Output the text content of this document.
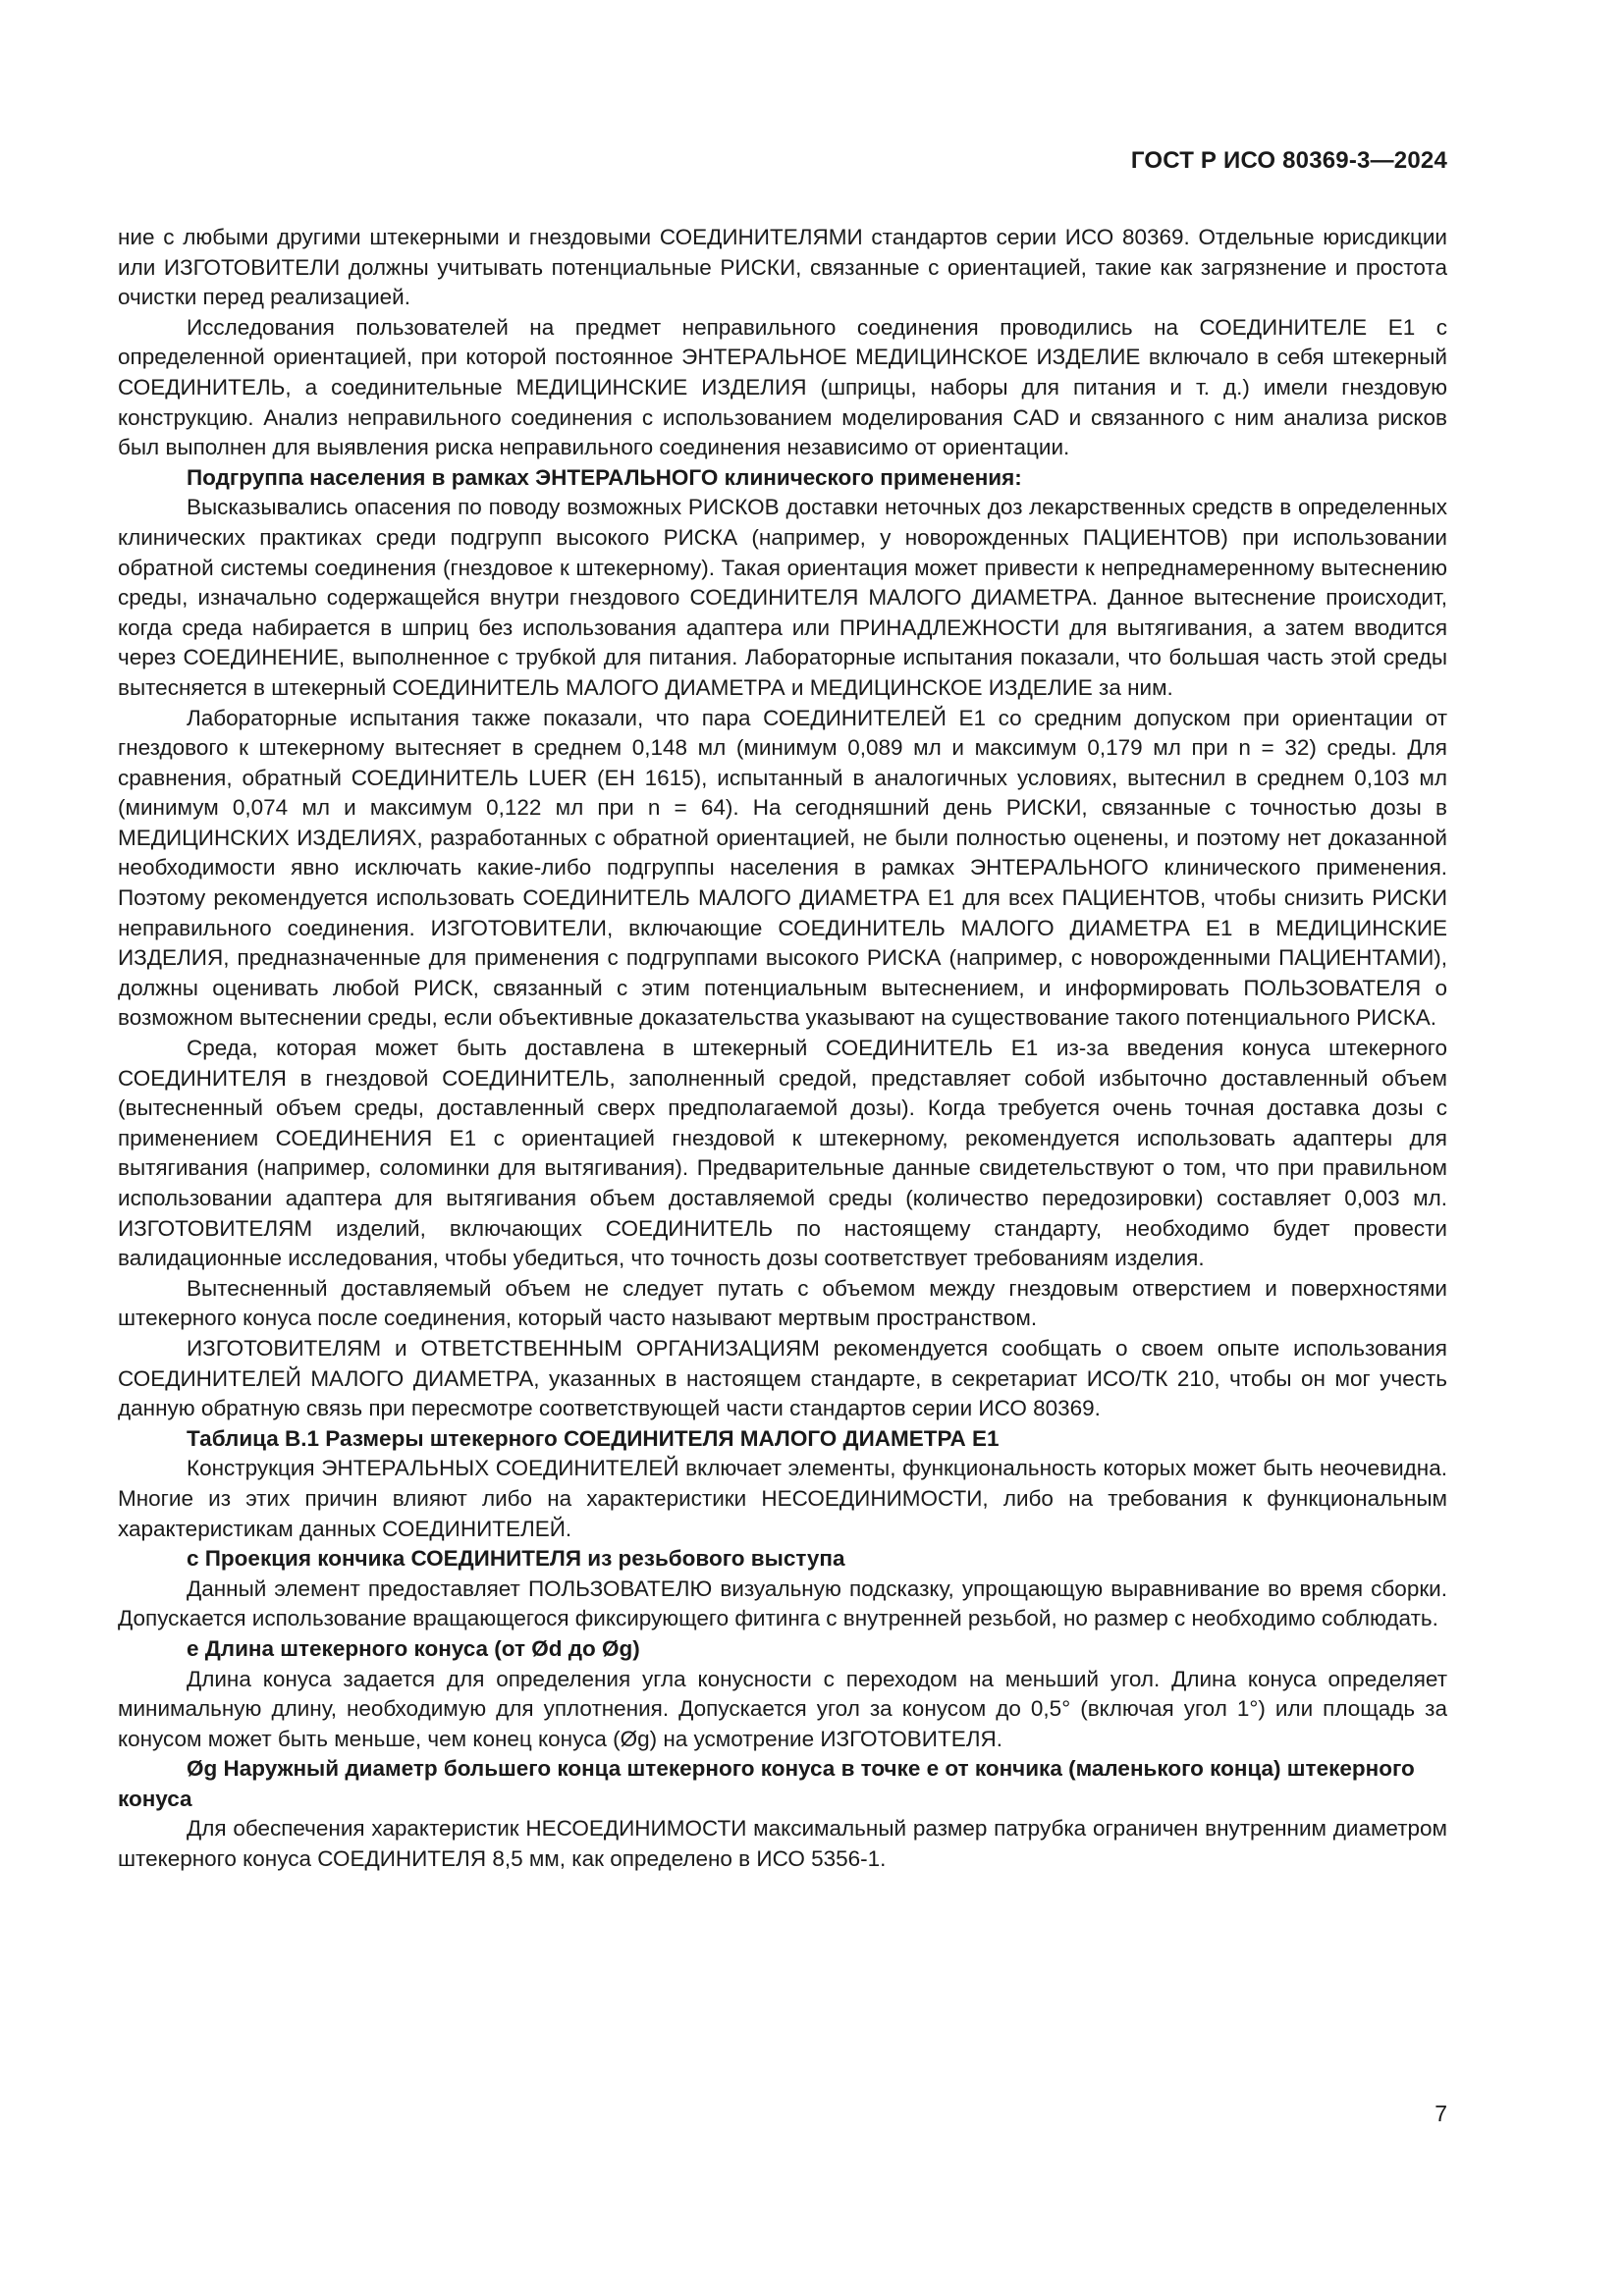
ГОСТ Р ИСО 80369-3—2024

ние с любыми другими штекерными и гнездовыми СОЕДИНИТЕЛЯМИ стандартов серии ИСО 80369. Отдельные юрисдикции или ИЗГОТОВИТЕЛИ должны учитывать потенциальные РИСКИ, связанные с ориентацией, такие как загрязнение и простота очистки перед реализацией.

Исследования пользователей на предмет неправильного соединения проводились на СОЕДИНИТЕЛЕ Е1 с определенной ориентацией, при которой постоянное ЭНТЕРАЛЬНОЕ МЕДИЦИНСКОЕ ИЗДЕЛИЕ включало в себя штекерный СОЕДИНИТЕЛЬ, а соединительные МЕДИЦИНСКИЕ ИЗДЕЛИЯ (шприцы, наборы для питания и т. д.) имели гнездовую конструкцию. Анализ неправильного соединения с использованием моделирования CAD и связанного с ним анализа рисков был выполнен для выявления риска неправильного соединения независимо от ориентации.

Подгруппа населения в рамках ЭНТЕРАЛЬНОГО клинического применения:

Высказывались опасения по поводу возможных РИСКОВ доставки неточных доз лекарственных средств в определенных клинических практиках среди подгрупп высокого РИСКА (например, у новорожденных ПАЦИЕНТОВ) при использовании обратной системы соединения (гнездовое к штекерному). Такая ориентация может привести к непреднамеренному вытеснению среды, изначально содержащейся внутри гнездового СОЕДИНИТЕЛЯ МАЛОГО ДИАМЕТРА. Данное вытеснение происходит, когда среда набирается в шприц без использования адаптера или ПРИНАДЛЕЖНОСТИ для вытягивания, а затем вводится через СОЕДИНЕНИЕ, выполненное с трубкой для питания. Лабораторные испытания показали, что большая часть этой среды вытесняется в штекерный СОЕДИНИТЕЛЬ МАЛОГО ДИАМЕТРА и МЕДИЦИНСКОЕ ИЗДЕЛИЕ за ним.

Лабораторные испытания также показали, что пара СОЕДИНИТЕЛЕЙ Е1 со средним допуском при ориентации от гнездового к штекерному вытесняет в среднем 0,148 мл (минимум 0,089 мл и максимум 0,179 мл при n = 32) среды. Для сравнения, обратный СОЕДИНИТЕЛЬ LUER (ЕН 1615), испытанный в аналогичных условиях, вытеснил в среднем 0,103 мл (минимум 0,074 мл и максимум 0,122 мл при n = 64). На сегодняшний день РИСКИ, связанные с точностью дозы в МЕДИЦИНСКИХ ИЗДЕЛИЯХ, разработанных с обратной ориентацией, не были полностью оценены, и поэтому нет доказанной необходимости явно исключать какие-либо подгруппы населения в рамках ЭНТЕРАЛЬНОГО клинического применения. Поэтому рекомендуется использовать СОЕДИНИТЕЛЬ МАЛОГО ДИАМЕТРА Е1 для всех ПАЦИЕНТОВ, чтобы снизить РИСКИ неправильного соединения. ИЗГОТОВИТЕЛИ, включающие СОЕДИНИТЕЛЬ МАЛОГО ДИАМЕТРА Е1 в МЕДИЦИНСКИЕ ИЗДЕЛИЯ, предназначенные для применения с подгруппами высокого РИСКА (например, с новорожденными ПАЦИЕНТАМИ), должны оценивать любой РИСК, связанный с этим потенциальным вытеснением, и информировать ПОЛЬЗОВАТЕЛЯ о возможном вытеснении среды, если объективные доказательства указывают на существование такого потенциального РИСКА.

Среда, которая может быть доставлена в штекерный СОЕДИНИТЕЛЬ Е1 из-за введения конуса штекерного СОЕДИНИТЕЛЯ в гнездовой СОЕДИНИТЕЛЬ, заполненный средой, представляет собой избыточно доставленный объем (вытесненный объем среды, доставленный сверх предполагаемой дозы). Когда требуется очень точная доставка дозы с применением СОЕДИНЕНИЯ Е1 с ориентацией гнездовой к штекерному, рекомендуется использовать адаптеры для вытягивания (например, соломинки для вытягивания). Предварительные данные свидетельствуют о том, что при правильном использовании адаптера для вытягивания объем доставляемой среды (количество передозировки) составляет 0,003 мл. ИЗГОТОВИТЕЛЯМ изделий, включающих СОЕДИНИТЕЛЬ по настоящему стандарту, необходимо будет провести валидационные исследования, чтобы убедиться, что точность дозы соответствует требованиям изделия.

Вытесненный доставляемый объем не следует путать с объемом между гнездовым отверстием и поверхностями штекерного конуса после соединения, который часто называют мертвым пространством.

ИЗГОТОВИТЕЛЯМ и ОТВЕТСТВЕННЫМ ОРГАНИЗАЦИЯМ рекомендуется сообщать о своем опыте использования СОЕДИНИТЕЛЕЙ МАЛОГО ДИАМЕТРА, указанных в настоящем стандарте, в секретариат ИСО/ТК 210, чтобы он мог учесть данную обратную связь при пересмотре соответствующей части стандартов серии ИСО 80369.

Таблица В.1 Размеры штекерного СОЕДИНИТЕЛЯ МАЛОГО ДИАМЕТРА Е1

Конструкция ЭНТЕРАЛЬНЫХ СОЕДИНИТЕЛЕЙ включает элементы, функциональность которых может быть неочевидна. Многие из этих причин влияют либо на характеристики НЕСОЕДИНИМОСТИ, либо на требования к функциональным характеристикам данных СОЕДИНИТЕЛЕЙ.

с Проекция кончика СОЕДИНИТЕЛЯ из резьбового выступа

Данный элемент предоставляет ПОЛЬЗОВАТЕЛЮ визуальную подсказку, упрощающую выравнивание во время сборки. Допускается использование вращающегося фиксирующего фитинга с внутренней резьбой, но размер с необходимо соблюдать.

е Длина штекерного конуса (от Ød до Øg)

Длина конуса задается для определения угла конусности с переходом на меньший угол. Длина конуса определяет минимальную длину, необходимую для уплотнения. Допускается угол за конусом до 0,5° (включая угол 1°) или площадь за конусом может быть меньше, чем конец конуса (Øg) на усмотрение ИЗГОТОВИТЕЛЯ.

Øg Наружный диаметр большего конца штекерного конуса в точке е от кончика (маленького конца) штекерного конуса

Для обеспечения характеристик НЕСОЕДИНИМОСТИ максимальный размер патрубка ограничен внутренним диаметром штекерного конуса СОЕДИНИТЕЛЯ 8,5 мм, как определено в ИСО 5356-1.

7
